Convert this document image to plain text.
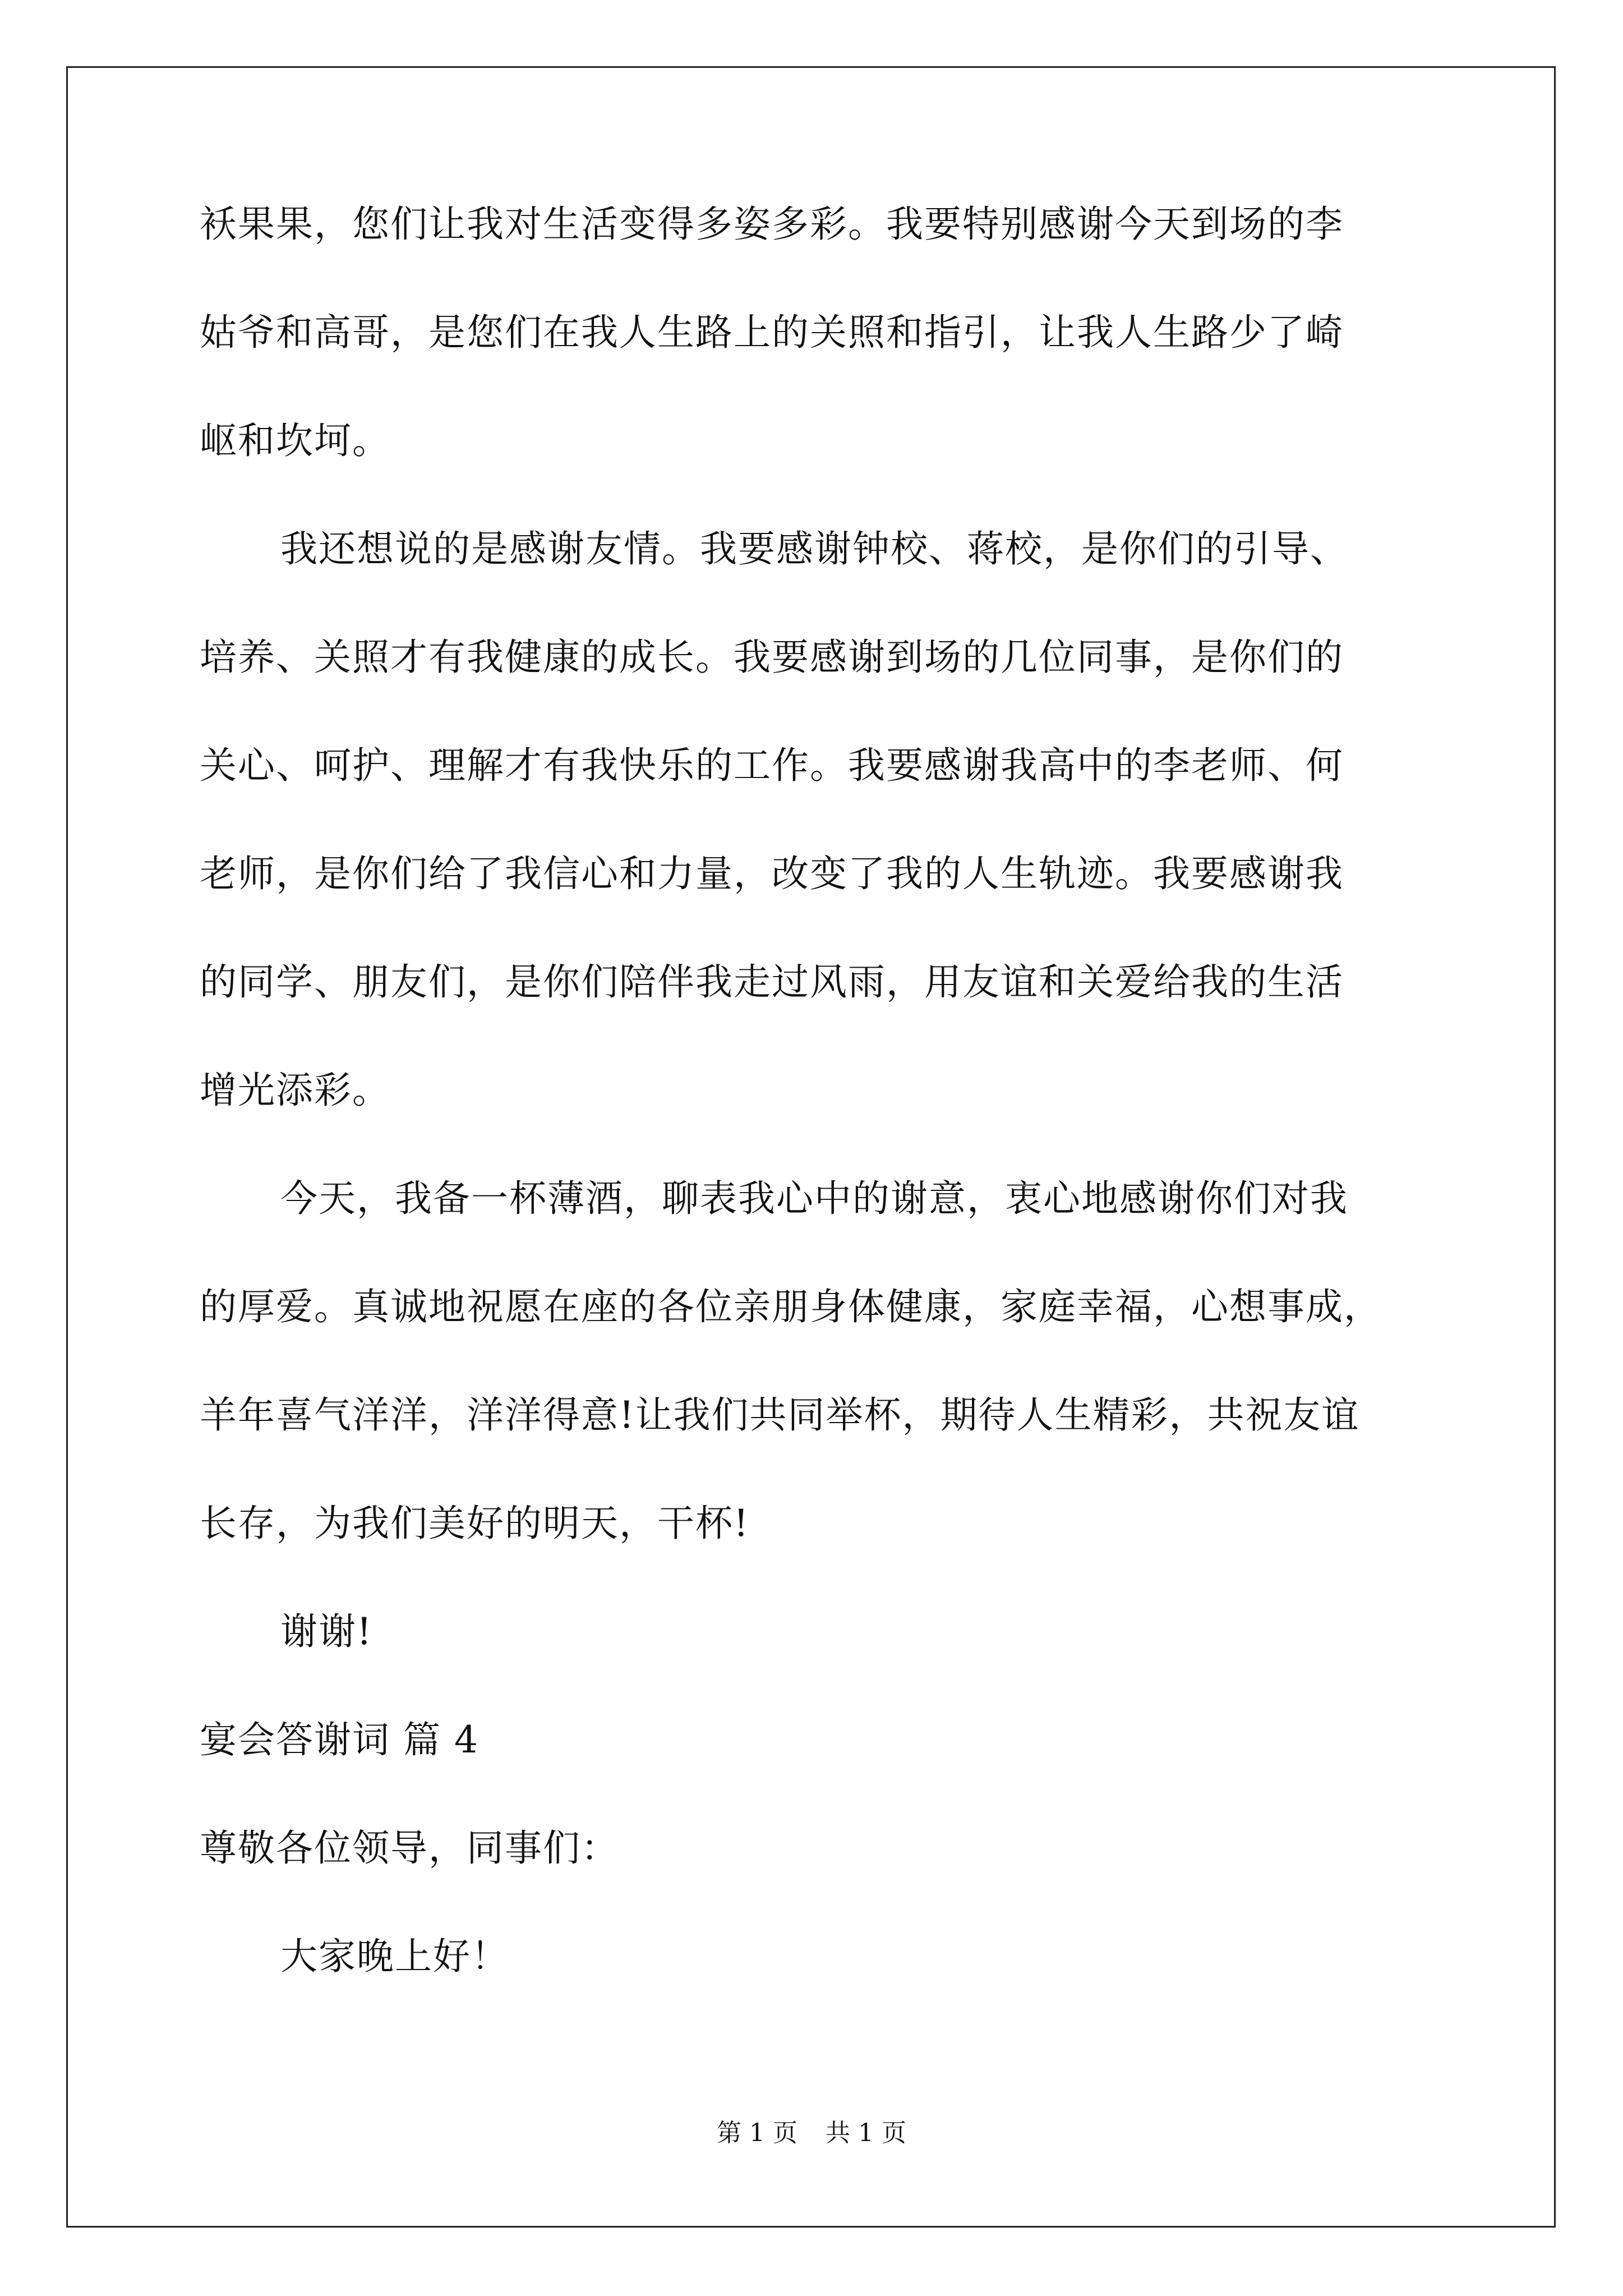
袄果果，您们让我对生活变得多姿多彩。我要特别感谢今天到场的李
姑爷和高哥，是您们在我人生路上的关照和指引，让我人生路少了崎
岖和坎坷。
我还想说的是感谢友情。我要感谢钟校、蒋校，是你们的引导、
培养、关照才有我健康的成长。我要感谢到场的几位同事，是你们的
关心、呵护、理解才有我快乐的工作。我要感谢我高中的李老师、何
老师，是你们给了我信心和力量，改变了我的人生轨迹。我要感谢我
的同学、朋友们，是你们陪伴我走过风雨，用友谊和关爱给我的生活
增光添彩。
今天，我备一杯薄酒，聊表我心中的谢意，衷心地感谢你们对我
的厚爱。真诚地祝愿在座的各位亲朋身体健康，家庭幸福，心想事成，
羊年喜气洋洋，洋洋得意!让我们共同举杯，期待人生精彩，共祝友谊
长存，为我们美好的明天，干杯!
谢谢!
宴会答谢词 篇 4
尊敬各位领导，同事们：
大家晚上好！
第 1 页 共 1 页
